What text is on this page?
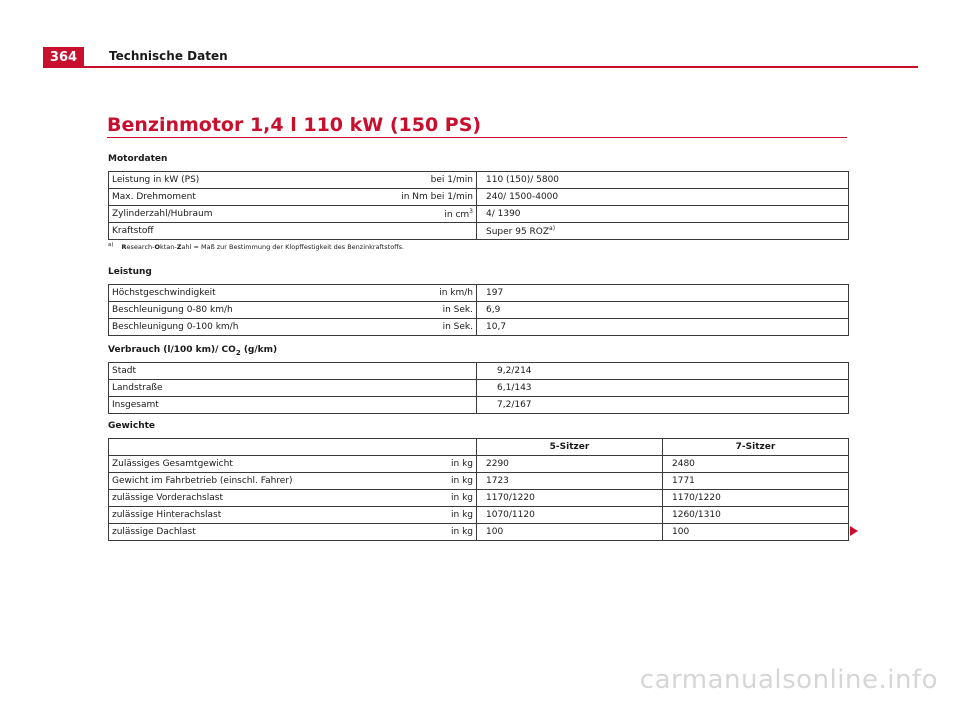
364	Technische Daten
Benzinmotor 1,4 l 110 kW (150 PS)
Motordaten
Leistung in kW (PS)	bei 1/min	110 (150)/ 5800
Max. Drehmoment	in Nm bei 1/min	240/ 1500-4000
Zylinderzahl/Hubraum	in $cm^3$	4/ 1390
Kraftstoff		Super 95 ROZ$^{a)}$
$^{a)}$ Research-Oktan-Zahl = Maß zur Bestimmung der Klopffestigkeit des Benzinkraftstoffs.
Leistung
Höchstgeschwindigkeit	in km/h	197
Beschleunigung 0-80 km/h	in Sek.	6,9
Beschleunigung 0-100 km/h	in Sek.	10,7
Verbrauch (l/100 km)/ $CO_2$ (g/km)
Stadt	9,2/214
Landstraße	6,1/143
Insgesamt	7,2/167
Gewichte
		5-Sitzer	7-Sitzer
Zulässiges Gesamtgewicht	in kg	2290	2480
Gewicht im Fahrbetrieb (einschl. Fahrer)	in kg	1723	1771
zulässige Vorderachslast	in kg	1170/1220	1170/1220
zulässige Hinterachslast	in kg	1070/1120	1260/1310
zulässige Dachlast	in kg	100	100
carmanualsonline.info
